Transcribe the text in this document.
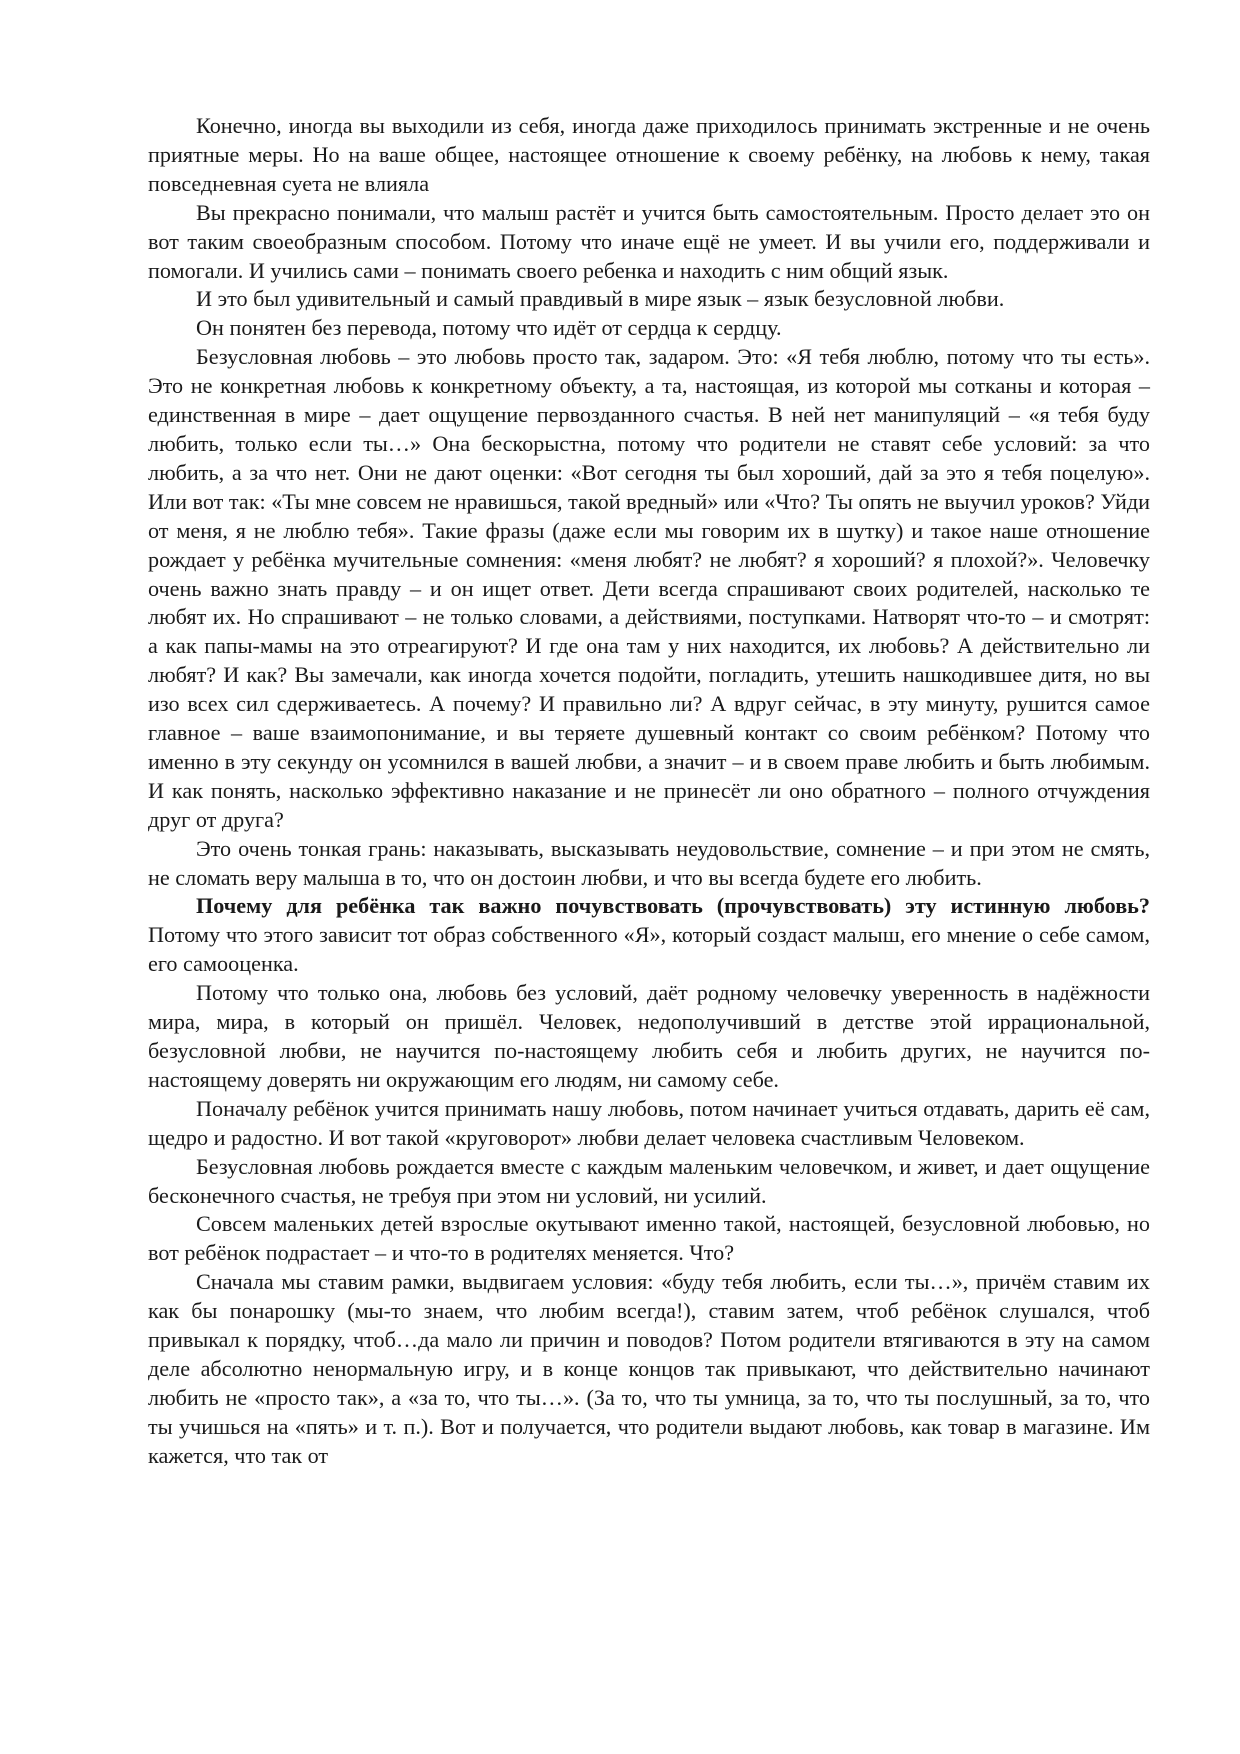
Конечно, иногда вы выходили из себя, иногда даже приходилось принимать экстренные и не очень приятные меры. Но на ваше общее, настоящее отношение к своему ребёнку, на любовь к нему, такая повседневная суета не влияла

Вы прекрасно понимали, что малыш растёт и учится быть самостоятельным. Просто делает это он вот таким своеобразным способом. Потому что иначе ещё не умеет. И вы учили его, поддерживали и помогали. И учились сами – понимать своего ребенка и находить с ним общий язык.

И это был удивительный и самый правдивый в мире язык – язык безусловной любви.

Он понятен без перевода, потому что идёт от сердца к сердцу.

Безусловная любовь – это любовь просто так, задаром. Это: «Я тебя люблю, потому что ты есть». Это не конкретная любовь к конкретному объекту, а та, настоящая, из которой мы сотканы и которая – единственная в мире – дает ощущение первозданного счастья. В ней нет манипуляций – «я тебя буду любить, только если ты…» Она бескорыстна, потому что родители не ставят себе условий: за что любить, а за что нет. Они не дают оценки: «Вот сегодня ты был хороший, дай за это я тебя поцелую». Или вот так: «Ты мне совсем не нравишься, такой вредный» или «Что? Ты опять не выучил уроков? Уйди от меня, я не люблю тебя». Такие фразы (даже если мы говорим их в шутку) и такое наше отношение рождает у ребёнка мучительные сомнения: «меня любят? не любят? я хороший? я плохой?». Человечку очень важно знать правду – и он ищет ответ. Дети всегда спрашивают своих родителей, насколько те любят их. Но спрашивают – не только словами, а действиями, поступками. Натворят что-то – и смотрят: а как папы-мамы на это отреагируют? И где она там у них находится, их любовь? А действительно ли любят? И как? Вы замечали, как иногда хочется подойти, погладить, утешить нашкодившее дитя, но вы изо всех сил сдерживаетесь. А почему? И правильно ли? А вдруг сейчас, в эту минуту, рушится самое главное – ваше взаимопонимание, и вы теряете душевный контакт со своим ребёнком? Потому что именно в эту секунду он усомнился в вашей любви, а значит – и в своем праве любить и быть любимым. И как понять, насколько эффективно наказание и не принесёт ли оно обратного – полного отчуждения друг от друга?

Это очень тонкая грань: наказывать, высказывать неудовольствие, сомнение – и при этом не смять, не сломать веру малыша в то, что он достоин любви, и что вы всегда будете его любить.

Почему для ребёнка так важно почувствовать (прочувствовать) эту истинную любовь? Потому что этого зависит тот образ собственного «Я», который создаст малыш, его мнение о себе самом, его самооценка.

Потому что только она, любовь без условий, даёт родному человечку уверенность в надёжности мира, мира, в который он пришёл. Человек, недополучивший в детстве этой иррациональной, безусловной любви, не научится по-настоящему любить себя и любить других, не научится по-настоящему доверять ни окружающим его людям, ни самому себе.

Поначалу ребёнок учится принимать нашу любовь, потом начинает учиться отдавать, дарить её сам, щедро и радостно. И вот такой «круговорот» любви делает человека счастливым Человеком.

Безусловная любовь рождается вместе с каждым маленьким человечком, и живет, и дает ощущение бесконечного счастья, не требуя при этом ни условий, ни усилий.

Совсем маленьких детей взрослые окутывают именно такой, настоящей, безусловной любовью, но вот ребёнок подрастает – и что-то в родителях меняется. Что?

Сначала мы ставим рамки, выдвигаем условия: «буду тебя любить, если ты…», причём ставим их как бы понарошку (мы-то знаем, что любим всегда!), ставим затем, чтоб ребёнок слушался, чтоб привыкал к порядку, чтоб…да мало ли причин и поводов? Потом родители втягиваются в эту на самом деле абсолютно ненормальную игру, и в конце концов так привыкают, что действительно начинают любить не «просто так», а «за то, что ты…». (За то, что ты умница, за то, что ты послушный, за то, что ты учишься на «пять» и т. п.). Вот и получается, что родители выдают любовь, как товар в магазине. Им кажется, что так от
